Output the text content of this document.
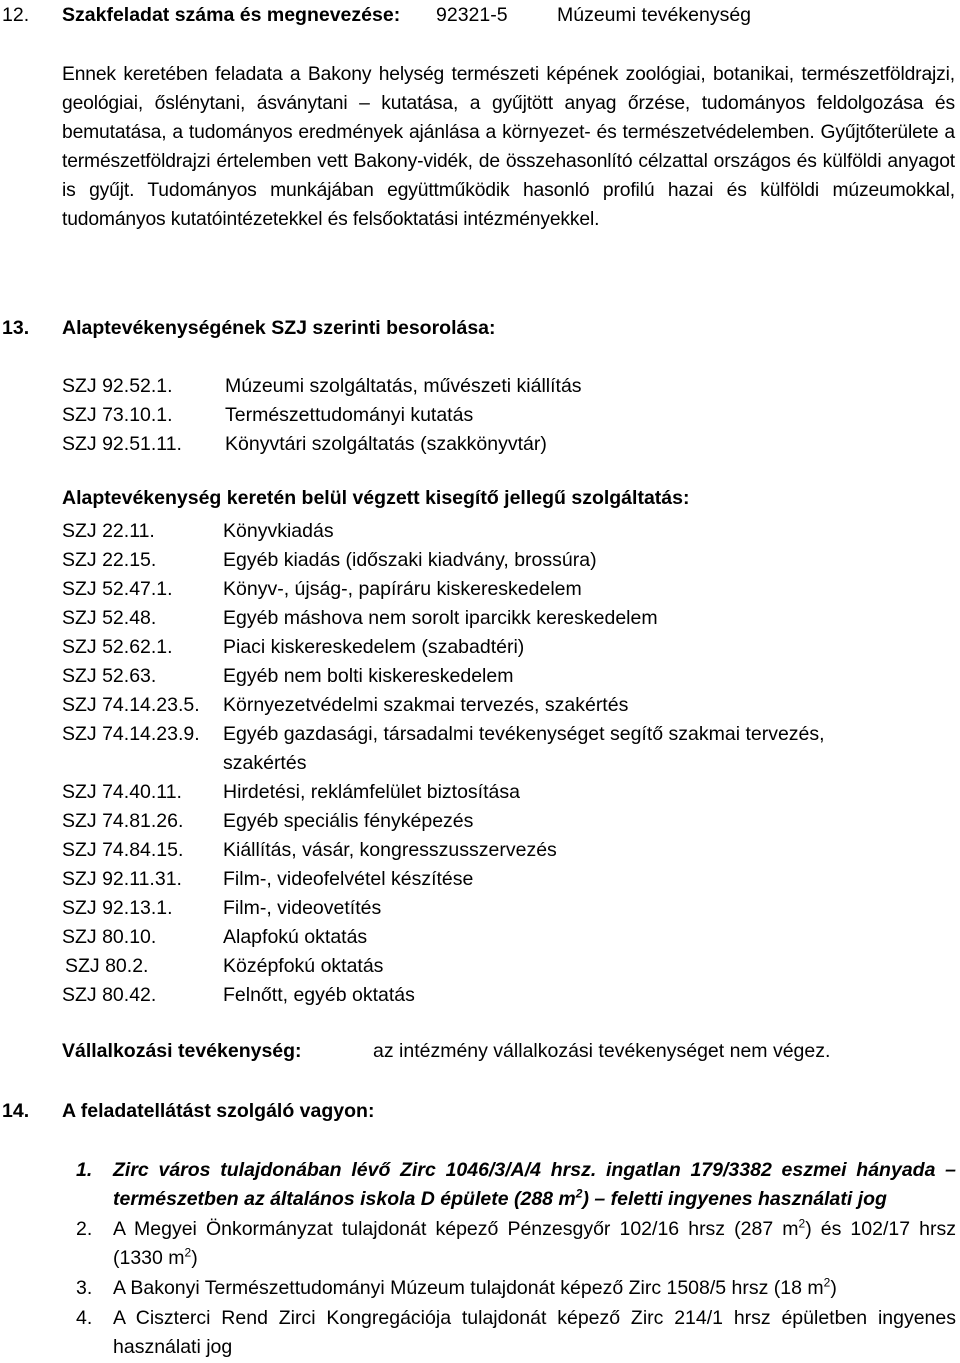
12. Szakfeladat száma és megnevezése: 92321-5	Múzeumi tevékenység
Ennek keretében feladata a Bakony helység természeti képének zoológiai, botanikai, természetföldrajzi, geológiai, őslénytani, ásványtani – kutatása, a gyűjtött anyag őrzése, tudományos feldolgozása és bemutatása, a tudományos eredmények ajánlása a környezet- és természetvédelemben. Gyűjtőterülete a természetföldrajzi értelemben vett Bakony-vidék, de összehasonlító célzattal országos és külföldi anyagot is gyűjt. Tudományos munkájában együttműködik hasonló profilú hazai és külföldi múzeumokkal, tudományos kutatóintézetekkel és felsőoktatási intézményekkel.
13. Alaptevékenységének SZJ szerinti besorolása:
SZJ 92.52.1.	Múzeumi szolgáltatás, művészeti kiállítás
SZJ 73.10.1.	Természettudományi kutatás
SZJ 92.51.11. Könyvtári szolgáltatás (szakkönyvtár)
Alaptevékenység keretén belül végzett kisegítő jellegű szolgáltatás:
SZJ 22.11.	Könyvkiadás
SZJ 22.15.	Egyéb kiadás (időszaki kiadvány, brossúra)
SZJ 52.47.1.	Könyv-, újság-, papíráru kiskereskedelem
SZJ 52.48.	Egyéb máshova nem sorolt iparcikk kereskedelem
SZJ 52.62.1.	Piaci kiskereskedelem (szabadtéri)
SZJ 52.63.	Egyéb nem bolti kiskereskedelem
SZJ 74.14.23.5. Környezetvédelmi szakmai tervezés, szakértés
SZJ 74.14.23.9. Egyéb gazdasági, társadalmi tevékenységet segítő szakmai tervezés,
szakértés
SZJ 74.40.11. Hirdetési, reklámfelület biztosítása
SZJ 74.81.26. Egyéb speciális fényképezés
SZJ 74.84.15. Kiállítás, vásár, kongresszusszervezés
SZJ 92.11.31. Film-, videofelvétel készítése
SZJ 92.13.1.	Film-, videovetítés
SZJ 80.10.	Alapfokú oktatás
SZJ 80.2.	Középfokú oktatás
SZJ 80.42.	Felnőtt, egyéb oktatás
Vállalkozási tevékenység:	az intézmény vállalkozási tevékenységet nem végez.
14. A feladatellátást szolgáló vagyon:
1. Zirc város tulajdonában lévő Zirc 1046/3/A/4 hrsz. ingatlan 179/3382 eszmei hányada – természetben az általános iskola D épülete (288 $m^2$) – feletti ingyenes használati jog
2. A Megyei Önkormányzat tulajdonát képező Pénzesgyőr 102/16 hrsz (287 $m^2$) és 102/17 hrsz (1330 $m^2$)
3. A Bakonyi Természettudományi Múzeum tulajdonát képező Zirc 1508/5 hrsz (18 $m^2$)
4. A Ciszterci Rend Zirci Kongregációja tulajdonát képező Zirc 214/1 hrsz épületben ingyenes használati jog
